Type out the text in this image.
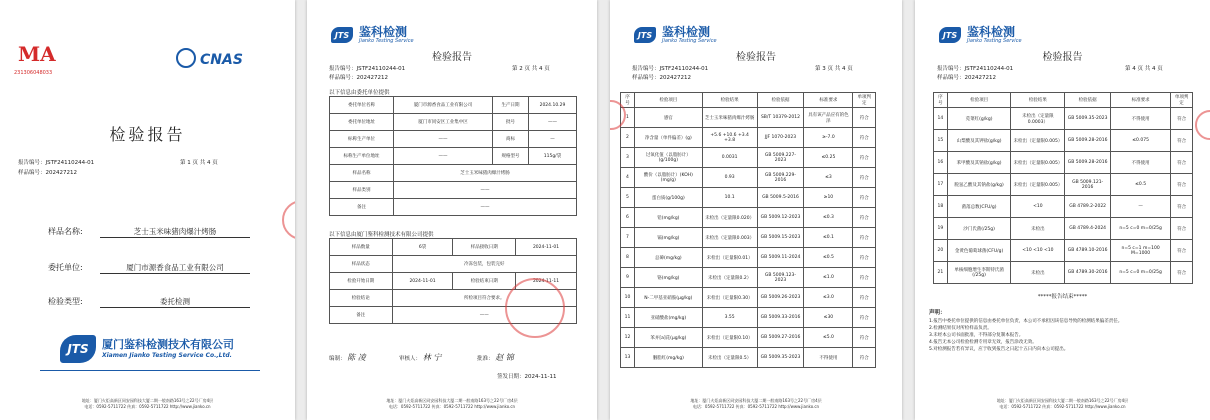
MA
231306048033
CNAS
检验报告
报告编号：JSTF24110244-01	第 1 页 共 4 页
样品编号：202427212
样品名称:	芝士玉米味猪肉爆汁烤肠
委托单位:	厦门市源香食品工业有限公司
检验类型:	委托检测
JTS	厦门鉴科检测技术有限公司
Xiamen Jianko Testing Service Co.,Ltd.
地址：厦门火炬高新区同安园科技大厦二期一般南路163号之22号厂房4层
电话：0592-5711722 传真：0592-5711722 http://www.jianko.cn
JTS 鉴科检测
Jianko Testing Service
检验报告
报告编号：JSTF24110244-01	第 2 页 共 4 页
样品编号：202427212
以下信息由委托单位提供
委托单位名称	厦门市源香食品工业有限公司	生产日期	2024.10.29
委托单位地址	厦门市同安区工业集中区	批号	——
标称生产单位	——	商标	—
标称生产单位地址	——	规格型号	115g/袋
样品名称	芝士玉米味猪肉爆汁烤肠		
样品类别	——		
备注	——		
以下信息由厦门鉴科检测技术有限公司提供
样品数量	6袋	样品接收日期	2024-11-01
样品状态	冷冻包装，包装完好		
检验开始日期	2024-11-01	检验结束日期	2024-11-11
检验结论	所检项目符合要求。		
备注	——		
编制： 陈 凌	审核人： 林 宁	批准： 赵 锦
签发日期：2024-11-11
地址：厦门火炬高新区同安园科技大厦二期一般南路163号之22号厂房4层
电话：0592-5711722 传真：0592-5711722 http://www.jianko.cn
JTS 鉴科检测
Jianko Testing Service
检验报告
报告编号：JSTF24110244-01	第 3 页 共 4 页
样品编号：202427212
序号	检验项目	检验结果	检验依据	标准要求	单项判定
1	感官	芝士玉米味猪肉爆汁烤肠	SB/T 10379-2012	具有该产品应有的色泽	符合
2	净含量（单件偏差）(g)	+5.6 +10.6 +3.4 +3.8	JJF 1070-2023	≥-7.0	符合
3	过氧化值（以脂肪计）(g/100g)	0.0031	GB 5009.227-2023	≤0.25	符合
4	酸价（以脂肪计）(KOH)(mg/g)	0.93	GB 5009.229-2016	≤3	符合
5	蛋白质(g/100g)	10.1	GB 5009.5-2016	≥10	符合
6	铅(mg/kg)	未检出（定量限0.020）	GB 5009.12-2023	≤0.3	符合
7	镉(mg/kg)	未检出（定量限0.003）	GB 5009.15-2023	≤0.1	符合
8	总砷(mg/kg)	未检出（定量限0.01）	GB 5009.11-2024	≤0.5	符合
9	铬(mg/kg)	未检出（定量限0.2）	GB 5009.123-2023	≤1.0	符合
10	N-二甲基亚硝胺(μg/kg)	未检出（定量限0.30）	GB 5009.26-2023	≤3.0	符合
11	亚硝酸盐(mg/kg)	3.55	GB 5009.33-2016	≤30	符合
12	苯并[a]芘(μg/kg)	未检出（定量限0.10）	GB 5009.27-2016	≤5.0	符合
13	胭脂红(mg/kg)	未检出（定量限0.5）	GB 5009.35-2023	不得使用	符合
地址：厦门火炬高新区同安园科技大厦二期一般南路163号之22号厂房4层
电话：0592-5711722 传真：0592-5711722 http://www.jianko.cn
JTS 鉴科检测
Jianko Testing Service
检验报告
报告编号：JSTF24110244-01	第 4 页 共 4 页
样品编号：202427212
序号	检验项目	检验结果	检验依据	标准要求	单项判定
14	苋菜红(g/kg)	未检出（定量限0.0003）	GB 5009.35-2023	不得使用	符合
15	山梨酸及其钾盐(g/kg)	未检出（定量限0.005）	GB 5009.28-2016	≤0.075	符合
16	苯甲酸及其钠盐(g/kg)	未检出（定量限0.005）	GB 5009.28-2016	不得使用	符合
17	脱氢乙酸及其钠盐(g/kg)	未检出（定量限0.005）	GB 5009.121-2016	≤0.5	符合
18	菌落总数(CFU/g)	<10	GB 4789.2-2022	—	符合
19	沙门氏菌(/25g)	未检出	GB 4789.4-2024	n=5 c=0 m=0/25g	符合
20	金黄色葡萄球菌(CFU/g)	<10 <10 <10	GB 4789.10-2016	n=5 c=1 m=100 M=1000	符合
21	单核细胞增生李斯特氏菌(/25g)	未检出	GB 4789.30-2016	n=5 c=0 m=0/25g	符合
*****报告结束*****
声明：
1.报告中委托单位提供的信息由委托单位负责，本公司不承担因该信息导致的检测结果偏差责任。
2.检测结果仅对所检样品负责。
3.未经本公司书面批准，不得部分复制本报告。
4.报告无本公司检验检测专用章无效，报告涂改无效。
5.对检测报告若有异议，应于收到报告之日起十五日内向本公司提出。
地址：厦门火炬高新区同安园科技大厦二期一般南路163号之22号厂房4层
电话：0592-5711722 传真：0592-5711722 http://www.jianko.cn
